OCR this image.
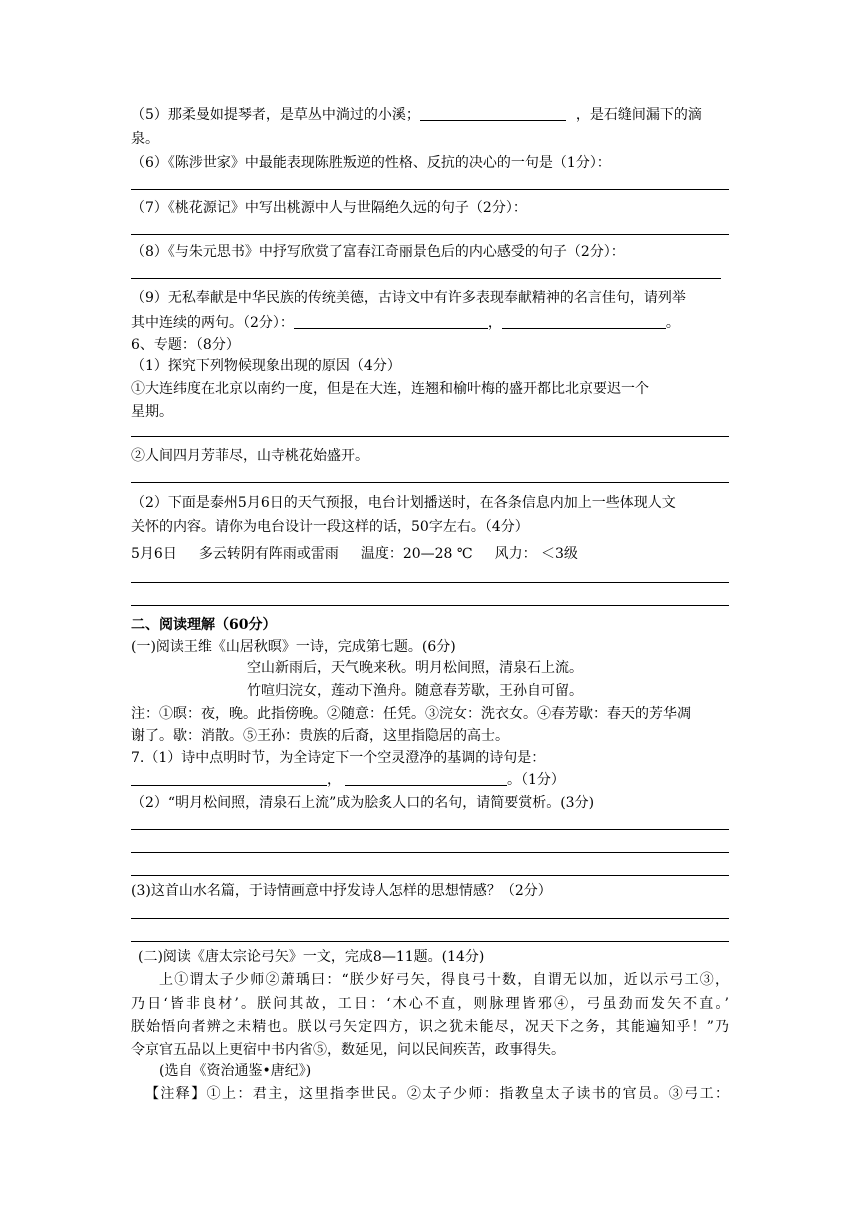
（5）那柔曼如提琴者，是草丛中淌过的小溪；	，是石缝间漏下的滴
泉。
（6）《陈涉世家》中最能表现陈胜叛逆的性格、反抗的决心的一句是（1分）：
（7）《桃花源记》中写出桃源中人与世隔绝久远的句子（2分）：
（8）《与朱元思书》中抒写欣赏了富春江奇丽景色后的内心感受的句子（2分）：
（9）无私奉献是中华民族的传统美德，古诗文中有许多表现奉献精神的名言佳句，请列举
其中连续的两句。（2分）：	，	。
6、专题：（8分）
（1）探究下列物候现象出现的原因（4分）
①大连纬度在北京以南约一度，但是在大连，连翘和榆叶梅的盛开都比北京要迟一个
星期。
②人间四月芳菲尽，山寺桃花始盛开。
（2）下面是泰州5月6日的天气预报，电台计划播送时，在各条信息内加上一些体现人文
关怀的内容。请你为电台设计一段这样的话，50字左右。（4分）
5月6日 多云转阴有阵雨或雷雨 温度：20—28 ℃ 风力： ＜3级
二、阅读理解（60分）
(一)阅读王维《山居秋暝》一诗，完成第七题。(6分)
空山新雨后，天气晚来秋。明月松间照，清泉石上流。
竹喧归浣女，莲动下渔舟。随意春芳歇，王孙自可留。
注：①暝：夜，晚。此指傍晚。②随意：任凭。③浣女：洗衣女。④春芳歇：春天的芳华凋
谢了。歇：消散。⑤王孙：贵族的后裔，这里指隐居的高士。
7.（1）诗中点明时节，为全诗定下一个空灵澄净的基调的诗句是：
，	。（1分）
（2）“明月松间照，清泉石上流”成为脍炙人口的名句，请简要赏析。(3分)
(3)这首山水名篇，于诗情画意中抒发诗人怎样的思想情感？（2分）
(二)阅读《唐太宗论弓矢》一文，完成8—11题。(14分)
上①谓太子少师②萧瑀曰：“朕少好弓矢，得良弓十数，自谓无以加，近以示弓工③，
乃日‘皆非良材’。朕问其故，工日：‘木心不直，则脉理皆邪④，弓虽劲而发矢不直。’
朕始悟向者辨之未精也。朕以弓矢定四方，识之犹未能尽，况天下之务，其能遍知乎！”乃
令京官五品以上更宿中书内省⑤，数延见，问以民间疾苦，政事得失。
(选自《资治通鉴•唐纪》)
【注释】①上：君主，这里指李世民。②太子少师：指教皇太子读书的官员。③弓工：
